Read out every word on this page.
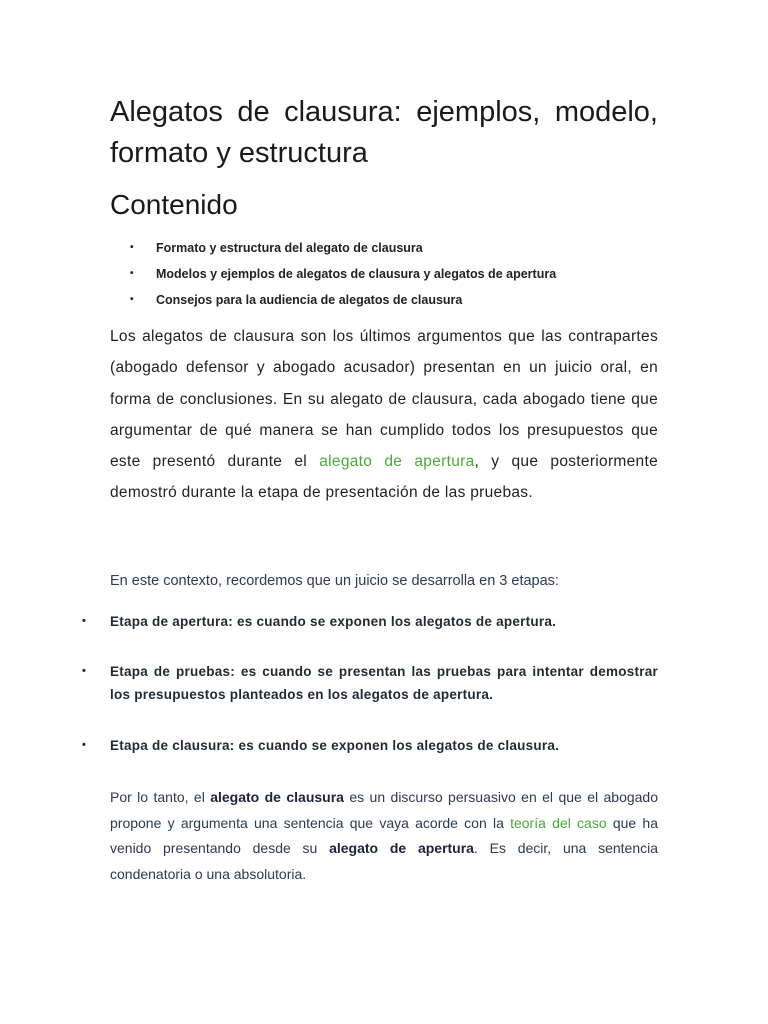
Alegatos de clausura: ejemplos, modelo, formato y estructura
Contenido
• Formato y estructura del alegato de clausura
• Modelos y ejemplos de alegatos de clausura y alegatos de apertura
• Consejos para la audiencia de alegatos de clausura

Los alegatos de clausura son los últimos argumentos que las contrapartes (abogado defensor y abogado acusador) presentan en un juicio oral, en forma de conclusiones. En su alegato de clausura, cada abogado tiene que argumentar de qué manera se han cumplido todos los presupuestos que este presentó durante el alegato de apertura, y que posteriormente demostró durante la etapa de presentación de las pruebas.

En este contexto, recordemos que un juicio se desarrolla en 3 etapas:

• Etapa de apertura: es cuando se exponen los alegatos de apertura.
• Etapa de pruebas: es cuando se presentan las pruebas para intentar demostrar los presupuestos planteados en los alegatos de apertura.
• Etapa de clausura: es cuando se exponen los alegatos de clausura.

Por lo tanto, el alegato de clausura es un discurso persuasivo en el que el abogado propone y argumenta una sentencia que vaya acorde con la teoría del caso que ha venido presentando desde su alegato de apertura. Es decir, una sentencia condenatoria o una absolutoria.
